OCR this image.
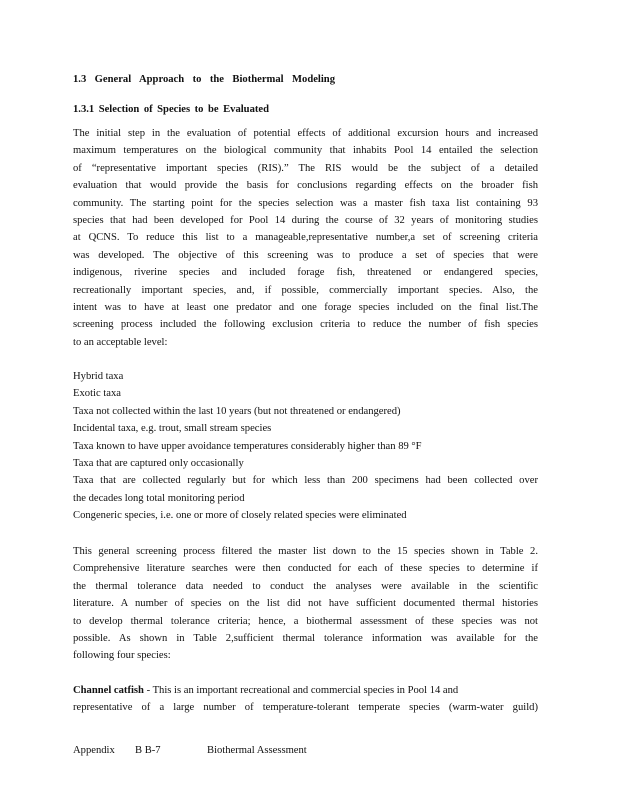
1.3 General Approach to the Biothermal Modeling
1.3.1 Selection of Species to be Evaluated
The initial step in the evaluation of potential effects of additional excursion hours and increased
maximum temperatures on the biological community that inhabits Pool 14 entailed the selection
of “representative important species (RIS).” The RIS would be the subject of a detailed
evaluation that would provide the basis for conclusions regarding effects on the broader fish
community. The starting point for the species selection was a master fish taxa list containing 93
species that had been developed for Pool 14 during the course of 32 years of monitoring studies
at QCNS. To reduce this list to a manageable,representative number,a set of screening criteria
was developed. The objective of this screening was to produce a set of species that were
indigenous, riverine species and included forage fish, threatened or endangered species,
recreationally important species, and, if possible, commercially important species. Also, the
intent was to have at least one predator and one forage species included on the final list.The
screening process included the following exclusion criteria to reduce the number of fish species
to an acceptable level:
Hybrid taxa
Exotic taxa
Taxa not collected within the last 10 years (but not threatened or endangered)
Incidental taxa, e.g. trout, small stream species
Taxa known to have upper avoidance temperatures considerably higher than 89 °F
Taxa that are captured only occasionally
Taxa that are collected regularly but for which less than 200 specimens had been collected over
the decades long total monitoring period
Congeneric species, i.e. one or more of closely related species were eliminated
This general screening process filtered the master list down to the 15 species shown in Table 2.
Comprehensive literature searches were then conducted for each of these species to determine if
the thermal tolerance data needed to conduct the analyses were available in the scientific
literature. A number of species on the list did not have sufficient documented thermal histories
to develop thermal tolerance criteria; hence, a biothermal assessment of these species was not
possible. As shown in Table 2,sufficient thermal tolerance information was available for the
following four species:
Channel catfish - This is an important recreational and commercial species in Pool 14 and
representative of a large number of temperature-tolerant temperate species (warm-water guild)
Appendix B B-7	Biothermal Assessment
